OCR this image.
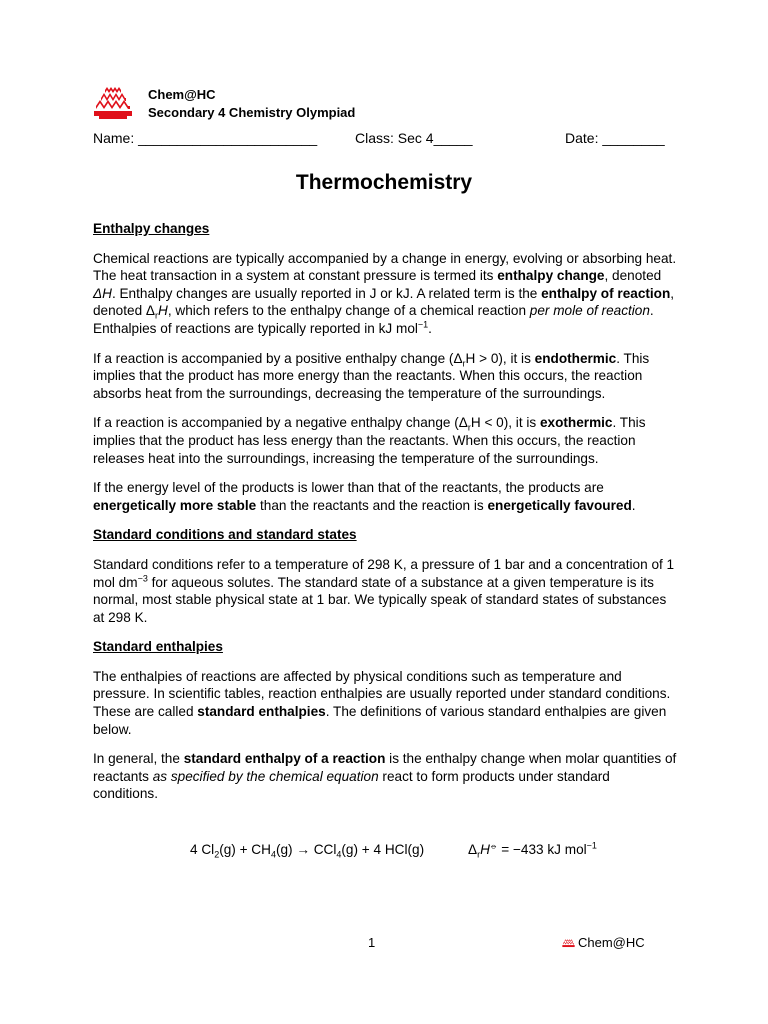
Chem@HC
Secondary 4 Chemistry Olympiad
Name: _______________________	Class: Sec 4_____	Date: ________
Thermochemistry
Enthalpy changes

Chemical reactions are typically accompanied by a change in energy, evolving or absorbing heat. The heat transaction in a system at constant pressure is termed its enthalpy change, denoted ΔH. Enthalpy changes are usually reported in J or kJ. A related term is the enthalpy of reaction, denoted $\Delta_rH$, which refers to the enthalpy change of a chemical reaction per mole of reaction. Enthalpies of reactions are typically reported in kJ mol$^{-1}$.

If a reaction is accompanied by a positive enthalpy change $(\Delta_rH > 0)$, it is endothermic. This implies that the product has more energy than the reactants. When this occurs, the reaction absorbs heat from the surroundings, decreasing the temperature of the surroundings.

If a reaction is accompanied by a negative enthalpy change $(\Delta_rH < 0)$, it is exothermic. This implies that the product has less energy than the reactants. When this occurs, the reaction releases heat into the surroundings, increasing the temperature of the surroundings.

If the energy level of the products is lower than that of the reactants, the products are energetically more stable than the reactants and the reaction is energetically favoured.

Standard conditions and standard states

Standard conditions refer to a temperature of 298 K, a pressure of 1 bar and a concentration of 1 mol $dm^{-3}$ for aqueous solutes. The standard state of a substance at a given temperature is its normal, most stable physical state at 1 bar. We typically speak of standard states of substances at 298 K.

Standard enthalpies

The enthalpies of reactions are affected by physical conditions such as temperature and pressure. In scientific tables, reaction enthalpies are usually reported under standard conditions. These are called standard enthalpies. The definitions of various standard enthalpies are given below.

In general, the standard enthalpy of a reaction is the enthalpy change when molar quantities of reactants as specified by the chemical equation react to form products under standard conditions.

4 $Cl_2(g) + CH_4(g) \to CCl_4(g) + 4$ HCl(g)	$\Delta_rH^⦵ = -433$ kJ mol$^{-1}$
1	Chem@HC
